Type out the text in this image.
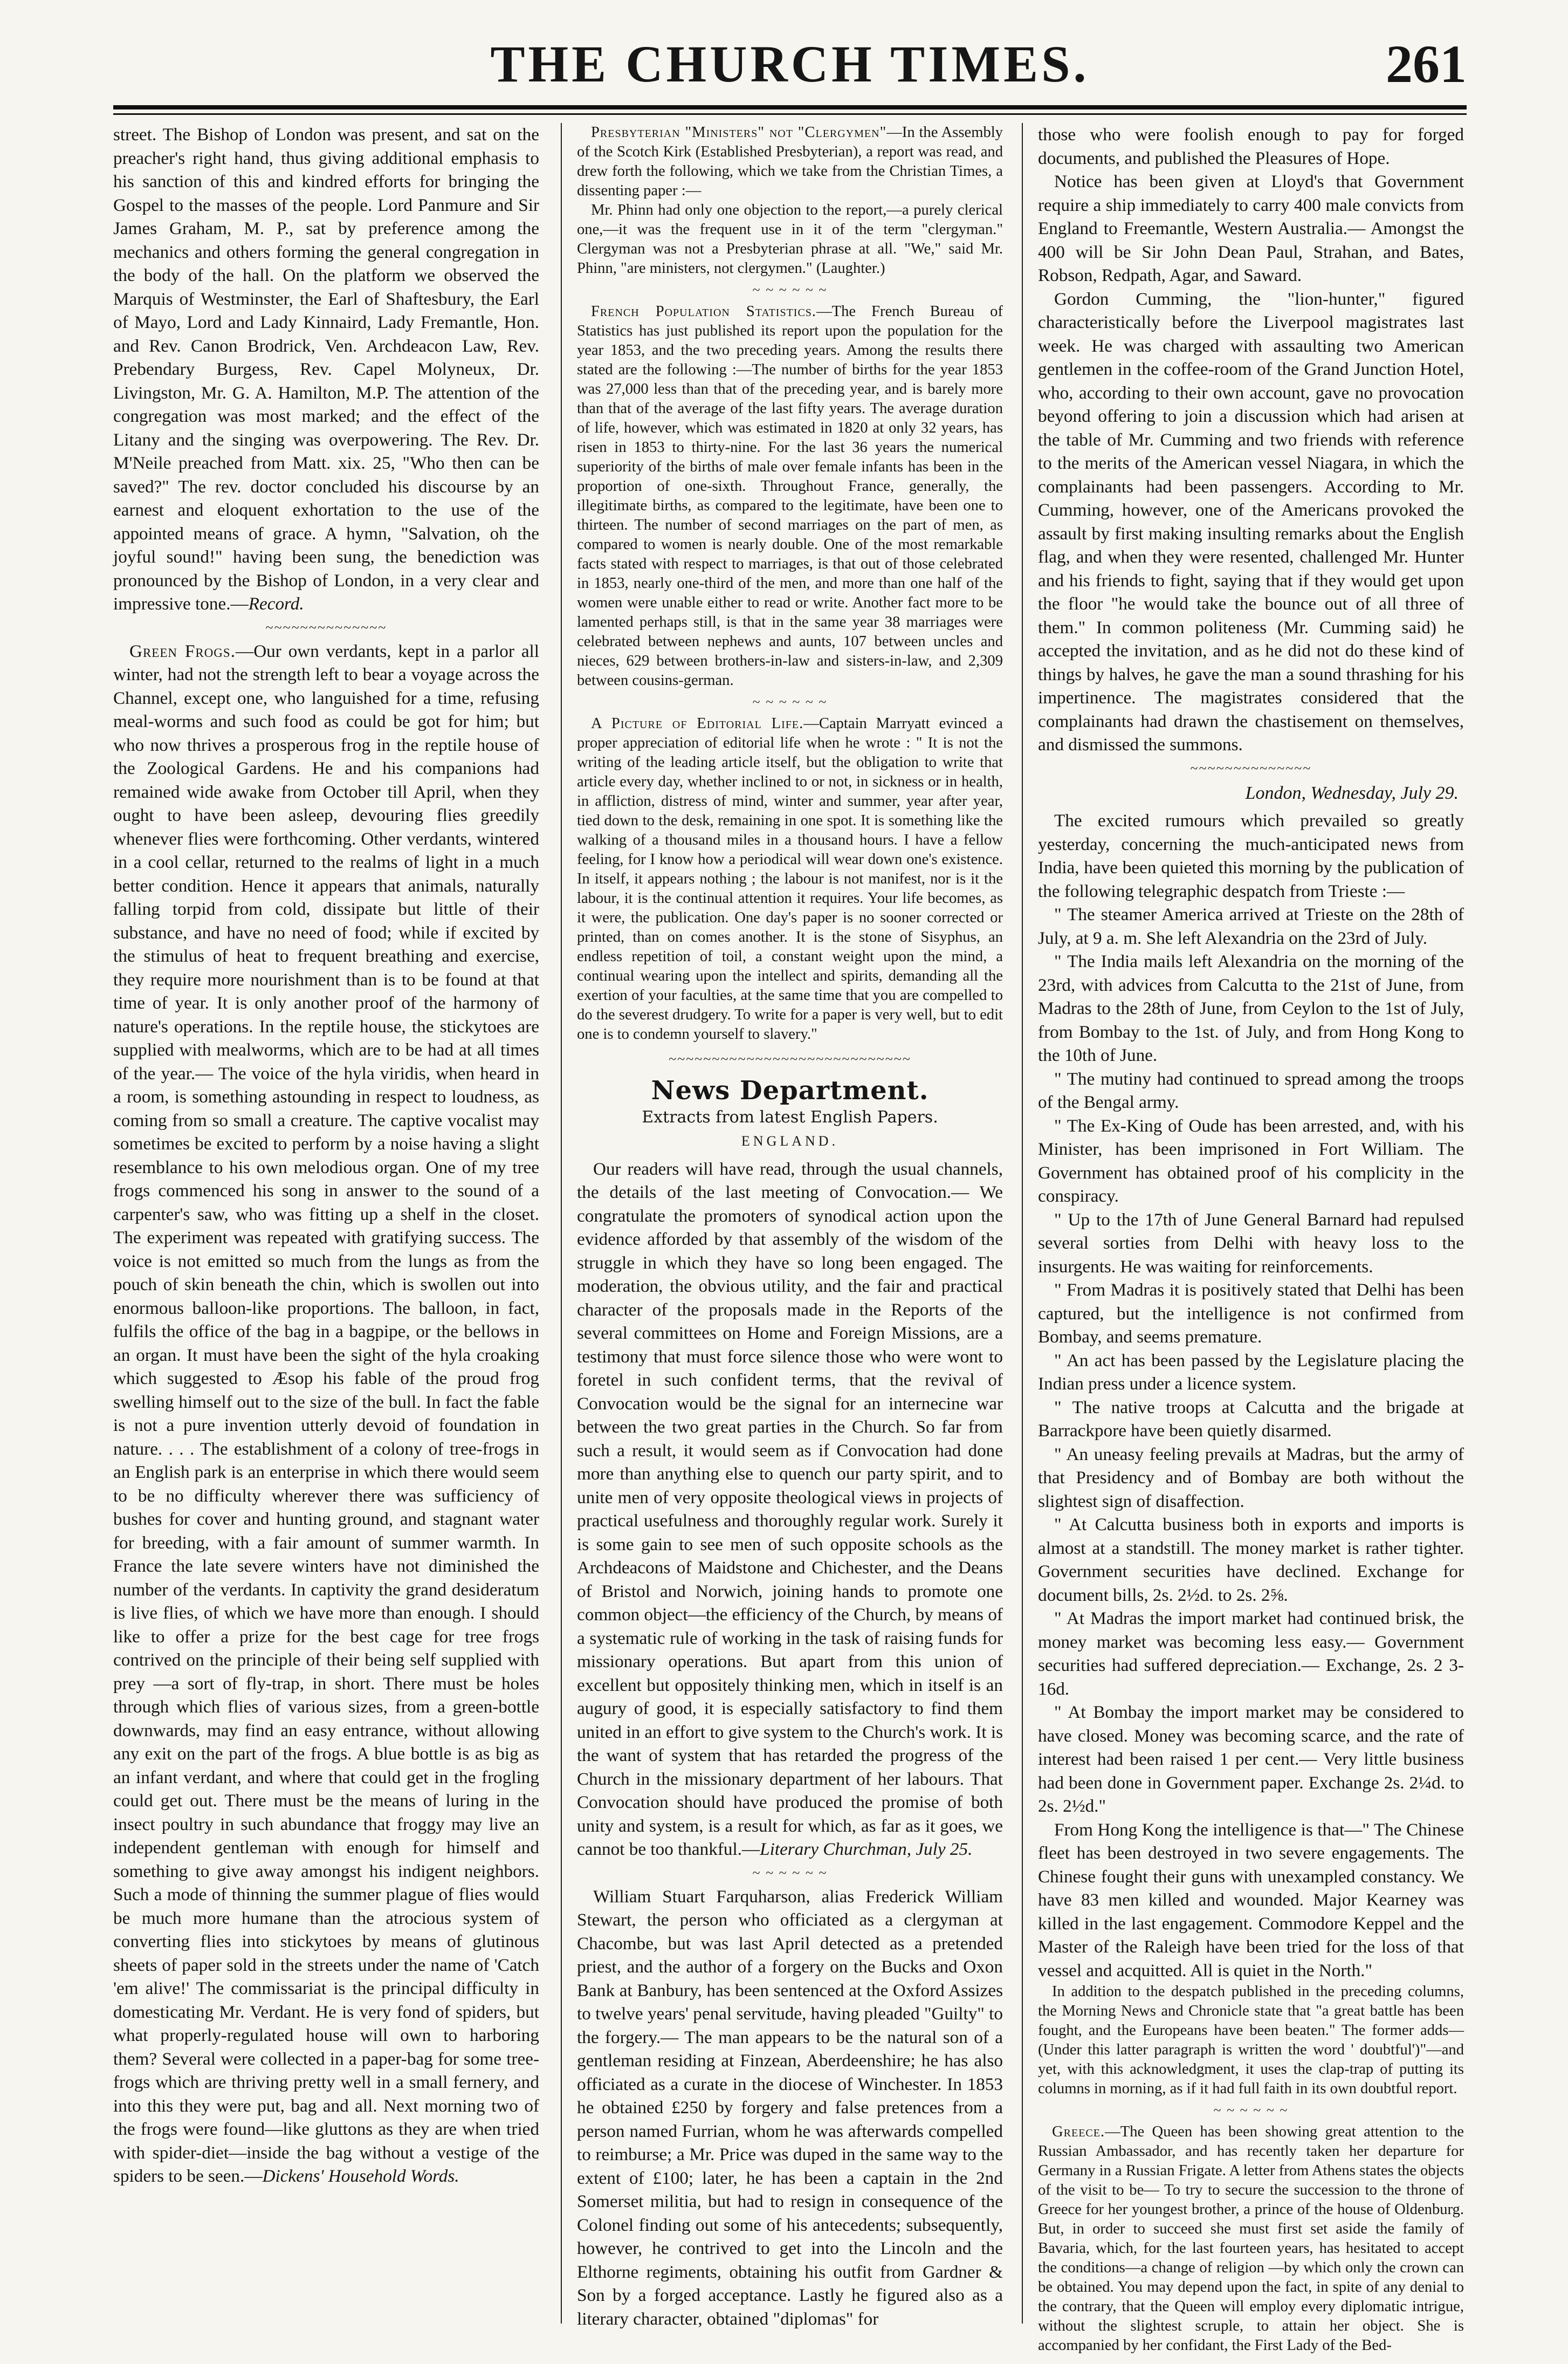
THE CHURCH TIMES.	261

street. The Bishop of London was present, and sat on the preacher's right hand, thus giving additional emphasis to his sanction of this and kindred efforts for bringing the Gospel to the masses of the people. Lord Panmure and Sir James Graham, M. P., sat by preference among the mechanics and others forming the general congregation in the body of the hall. On the platform we observed the Marquis of Westminster, the Earl of Shaftesbury, the Earl of Mayo, Lord and Lady Kinnaird, Lady Fremantle, Hon. and Rev. Canon Brodrick, Ven. Archdeacon Law, Rev. Prebendary Burgess, Rev. Capel Molyneux, Dr. Livingston, Mr. G. A. Hamilton, M.P. The attention of the congregation was most marked; and the effect of the Litany and the singing was overpowering. The Rev. Dr. M'Neile preached from Matt. xix. 25, "Who then can be saved?" The rev. doctor concluded his discourse by an earnest and eloquent exhortation to the use of the appointed means of grace. A hymn, "Salvation, oh the joyful sound!" having been sung, the benediction was pronounced by the Bishop of London, in a very clear and impressive tone.—Record.

~~~~~~~~~~~~~~

Green Frogs.—Our own verdants, kept in a parlor all winter, had not the strength left to bear a voyage across the Channel, except one, who languished for a time, refusing meal-worms and such food as could be got for him; but who now thrives a prosperous frog in the reptile house of the Zoological Gardens. He and his companions had remained wide awake from October till April, when they ought to have been asleep, devouring flies greedily whenever flies were forthcoming. Other verdants, wintered in a cool cellar, returned to the realms of light in a much better condition. Hence it appears that animals, naturally falling torpid from cold, dissipate but little of their substance, and have no need of food; while if excited by the stimulus of heat to frequent breathing and exercise, they require more nourishment than is to be found at that time of year. It is only another proof of the harmony of nature's operations. In the reptile house, the stickytoes are supplied with mealworms, which are to be had at all times of the year.— The voice of the hyla viridis, when heard in a room, is something astounding in respect to loudness, as coming from so small a creature. The captive vocalist may sometimes be excited to perform by a noise having a slight resemblance to his own melodious organ. One of my tree frogs commenced his song in answer to the sound of a carpenter's saw, who was fitting up a shelf in the closet. The experiment was repeated with gratifying success. The voice is not emitted so much from the lungs as from the pouch of skin beneath the chin, which is swollen out into enormous balloon-like proportions. The balloon, in fact, fulfils the office of the bag in a bagpipe, or the bellows in an organ. It must have been the sight of the hyla croaking which suggested to Æsop his fable of the proud frog swelling himself out to the size of the bull. In fact the fable is not a pure invention utterly devoid of foundation in nature. . . . The establishment of a colony of tree-frogs in an English park is an enterprise in which there would seem to be no difficulty wherever there was sufficiency of bushes for cover and hunting ground, and stagnant water for breeding, with a fair amount of summer warmth. In France the late severe winters have not diminished the number of the verdants. In captivity the grand desideratum is live flies, of which we have more than enough. I should like to offer a prize for the best cage for tree frogs contrived on the principle of their being self supplied with prey —a sort of fly-trap, in short. There must be holes through which flies of various sizes, from a green-bottle downwards, may find an easy entrance, without allowing any exit on the part of the frogs. A blue bottle is as big as an infant verdant, and where that could get in the frogling could get out. There must be the means of luring in the insect poultry in such abundance that froggy may live an independent gentleman with enough for himself and something to give away amongst his indigent neighbors. Such a mode of thinning the summer plague of flies would be much more humane than the atrocious system of converting flies into stickytoes by means of glutinous sheets of paper sold in the streets under the name of 'Catch 'em alive!' The commissariat is the principal difficulty in domesticating Mr. Verdant. He is very fond of spiders, but what properly-regulated house will own to harboring them? Several were collected in a paper-bag for some tree-frogs which are thriving pretty well in a small fernery, and into this they were put, bag and all. Next morning two of the frogs were found—like gluttons as they are when tried with spider-diet—inside the bag without a vestige of the spiders to be seen.—Dickens' Household Words.

Presbyterian "Ministers" not "Clergymen"—In the Assembly of the Scotch Kirk (Established Presbyterian), a report was read, and drew forth the following, which we take from the Christian Times, a dissenting paper :—

Mr. Phinn had only one objection to the report,—a purely clerical one,—it was the frequent use in it of the term "clergyman." Clergyman was not a Presbyterian phrase at all. "We," said Mr. Phinn, "are ministers, not clergymen." (Laughter.)

~ ~ ~ ~ ~ ~

French Population Statistics.—The French Bureau of Statistics has just published its report upon the population for the year 1853, and the two preceding years. Among the results there stated are the following :—The number of births for the year 1853 was 27,000 less than that of the preceding year, and is barely more than that of the average of the last fifty years. The average duration of life, however, which was estimated in 1820 at only 32 years, has risen in 1853 to thirty-nine. For the last 36 years the numerical superiority of the births of male over female infants has been in the proportion of one-sixth. Throughout France, generally, the illegitimate births, as compared to the legitimate, have been one to thirteen. The number of second marriages on the part of men, as compared to women is nearly double. One of the most remarkable facts stated with respect to marriages, is that out of those celebrated in 1853, nearly one-third of the men, and more than one half of the women were unable either to read or write. Another fact more to be lamented perhaps still, is that in the same year 38 marriages were celebrated between nephews and aunts, 107 between uncles and nieces, 629 between brothers-in-law and sisters-in-law, and 2,309 between cousins-german.

~ ~ ~ ~ ~ ~

A Picture of Editorial Life.—Captain Marryatt evinced a proper appreciation of editorial life when he wrote : " It is not the writing of the leading article itself, but the obligation to write that article every day, whether inclined to or not, in sickness or in health, in affliction, distress of mind, winter and summer, year after year, tied down to the desk, remaining in one spot. It is something like the walking of a thousand miles in a thousand hours. I have a fellow feeling, for I know how a periodical will wear down one's existence. In itself, it appears nothing ; the labour is not manifest, nor is it the labour, it is the continual attention it requires. Your life becomes, as it were, the publication. One day's paper is no sooner corrected or printed, than on comes another. It is the stone of Sisyphus, an endless repetition of toil, a constant weight upon the mind, a continual wearing upon the intellect and spirits, demanding all the exertion of your faculties, at the same time that you are compelled to do the severest drudgery. To write for a paper is very well, but to edit one is to condemn yourself to slavery."

~~~~~~~~~~~~~~~~~~~~~~~~~~~~
News Department.
Extracts from latest English Papers.
ENGLAND.

Our readers will have read, through the usual channels, the details of the last meeting of Convocation.— We congratulate the promoters of synodical action upon the evidence afforded by that assembly of the wisdom of the struggle in which they have so long been engaged. The moderation, the obvious utility, and the fair and practical character of the proposals made in the Reports of the several committees on Home and Foreign Missions, are a testimony that must force silence those who were wont to foretel in such confident terms, that the revival of Convocation would be the signal for an internecine war between the two great parties in the Church. So far from such a result, it would seem as if Convocation had done more than anything else to quench our party spirit, and to unite men of very opposite theological views in projects of practical usefulness and thoroughly regular work. Surely it is some gain to see men of such opposite schools as the Archdeacons of Maidstone and Chichester, and the Deans of Bristol and Norwich, joining hands to promote one common object—the efficiency of the Church, by means of a systematic rule of working in the task of raising funds for missionary operations. But apart from this union of excellent but oppositely thinking men, which in itself is an augury of good, it is especially satisfactory to find them united in an effort to give system to the Church's work. It is the want of system that has retarded the progress of the Church in the missionary department of her labours. That Convocation should have produced the promise of both unity and system, is a result for which, as far as it goes, we cannot be too thankful.—Literary Churchman, July 25.

~ ~ ~ ~ ~ ~

William Stuart Farquharson, alias Frederick William Stewart, the person who officiated as a clergyman at Chacombe, but was last April detected as a pretended priest, and the author of a forgery on the Bucks and Oxon Bank at Banbury, has been sentenced at the Oxford Assizes to twelve years' penal servitude, having pleaded "Guilty" to the forgery.— The man appears to be the natural son of a gentleman residing at Finzean, Aberdeenshire; he has also officiated as a curate in the diocese of Winchester. In 1853 he obtained £250 by forgery and false pretences from a person named Furrian, whom he was afterwards compelled to reimburse; a Mr. Price was duped in the same way to the extent of £100; later, he has been a captain in the 2nd Somerset militia, but had to resign in consequence of the Colonel finding out some of his antecedents; subsequently, however, he contrived to get into the Lincoln and the Elthorne regiments, obtaining his outfit from Gardner & Son by a forged acceptance. Lastly he figured also as a literary character, obtained "diplomas" for

those who were foolish enough to pay for forged documents, and published the Pleasures of Hope.

Notice has been given at Lloyd's that Government require a ship immediately to carry 400 male convicts from England to Freemantle, Western Australia.— Amongst the 400 will be Sir John Dean Paul, Strahan, and Bates, Robson, Redpath, Agar, and Saward.

Gordon Cumming, the "lion-hunter," figured characteristically before the Liverpool magistrates last week. He was charged with assaulting two American gentlemen in the coffee-room of the Grand Junction Hotel, who, according to their own account, gave no provocation beyond offering to join a discussion which had arisen at the table of Mr. Cumming and two friends with reference to the merits of the American vessel Niagara, in which the complainants had been passengers. According to Mr. Cumming, however, one of the Americans provoked the assault by first making insulting remarks about the English flag, and when they were resented, challenged Mr. Hunter and his friends to fight, saying that if they would get upon the floor "he would take the bounce out of all three of them." In common politeness (Mr. Cumming said) he accepted the invitation, and as he did not do these kind of things by halves, he gave the man a sound thrashing for his impertinence. The magistrates considered that the complainants had drawn the chastisement on themselves, and dismissed the summons.

~~~~~~~~~~~~~~
London, Wednesday, July 29.

The excited rumours which prevailed so greatly yesterday, concerning the much-anticipated news from India, have been quieted this morning by the publication of the following telegraphic despatch from Trieste :—

" The steamer America arrived at Trieste on the 28th of July, at 9 a. m. She left Alexandria on the 23rd of July.

" The India mails left Alexandria on the morning of the 23rd, with advices from Calcutta to the 21st of June, from Madras to the 28th of June, from Ceylon to the 1st of July, from Bombay to the 1st. of July, and from Hong Kong to the 10th of June.

" The mutiny had continued to spread among the troops of the Bengal army.

" The Ex-King of Oude has been arrested, and, with his Minister, has been imprisoned in Fort William. The Government has obtained proof of his complicity in the conspiracy.

" Up to the 17th of June General Barnard had repulsed several sorties from Delhi with heavy loss to the insurgents. He was waiting for reinforcements.

" From Madras it is positively stated that Delhi has been captured, but the intelligence is not confirmed from Bombay, and seems premature.

" An act has been passed by the Legislature placing the Indian press under a licence system.

" The native troops at Calcutta and the brigade at Barrackpore have been quietly disarmed.

" An uneasy feeling prevails at Madras, but the army of that Presidency and of Bombay are both without the slightest sign of disaffection.

" At Calcutta business both in exports and imports is almost at a standstill. The money market is rather tighter. Government securities have declined. Exchange for document bills, 2s. 2½d. to 2s. 2⅝.

" At Madras the import market had continued brisk, the money market was becoming less easy.— Government securities had suffered depreciation.— Exchange, 2s. 2 3-16d.

" At Bombay the import market may be considered to have closed. Money was becoming scarce, and the rate of interest had been raised 1 per cent.— Very little business had been done in Government paper. Exchange 2s. 2¼d. to 2s. 2½d."

From Hong Kong the intelligence is that—" The Chinese fleet has been destroyed in two severe engagements. The Chinese fought their guns with unexampled constancy. We have 83 men killed and wounded. Major Kearney was killed in the last engagement. Commodore Keppel and the Master of the Raleigh have been tried for the loss of that vessel and acquitted. All is quiet in the North."

In addition to the despatch published in the preceding columns, the Morning News and Chronicle state that "a great battle has been fought, and the Europeans have been beaten." The former adds—(Under this latter paragraph is written the word ' doubtful')"—and yet, with this acknowledgment, it uses the clap-trap of putting its columns in morning, as if it had full faith in its own doubtful report.

~ ~ ~ ~ ~ ~

Greece.—The Queen has been showing great attention to the Russian Ambassador, and has recently taken her departure for Germany in a Russian Frigate. A letter from Athens states the objects of the visit to be— To try to secure the succession to the throne of Greece for her youngest brother, a prince of the house of Oldenburg. But, in order to succeed she must first set aside the family of Bavaria, which, for the last fourteen years, has hesitated to accept the conditions—a change of religion —by which only the crown can be obtained. You may depend upon the fact, in spite of any denial to the contrary, that the Queen will employ every diplomatic intrigue, without the slightest scruple, to attain her object. She is accompanied by her confidant, the First Lady of the Bed-
